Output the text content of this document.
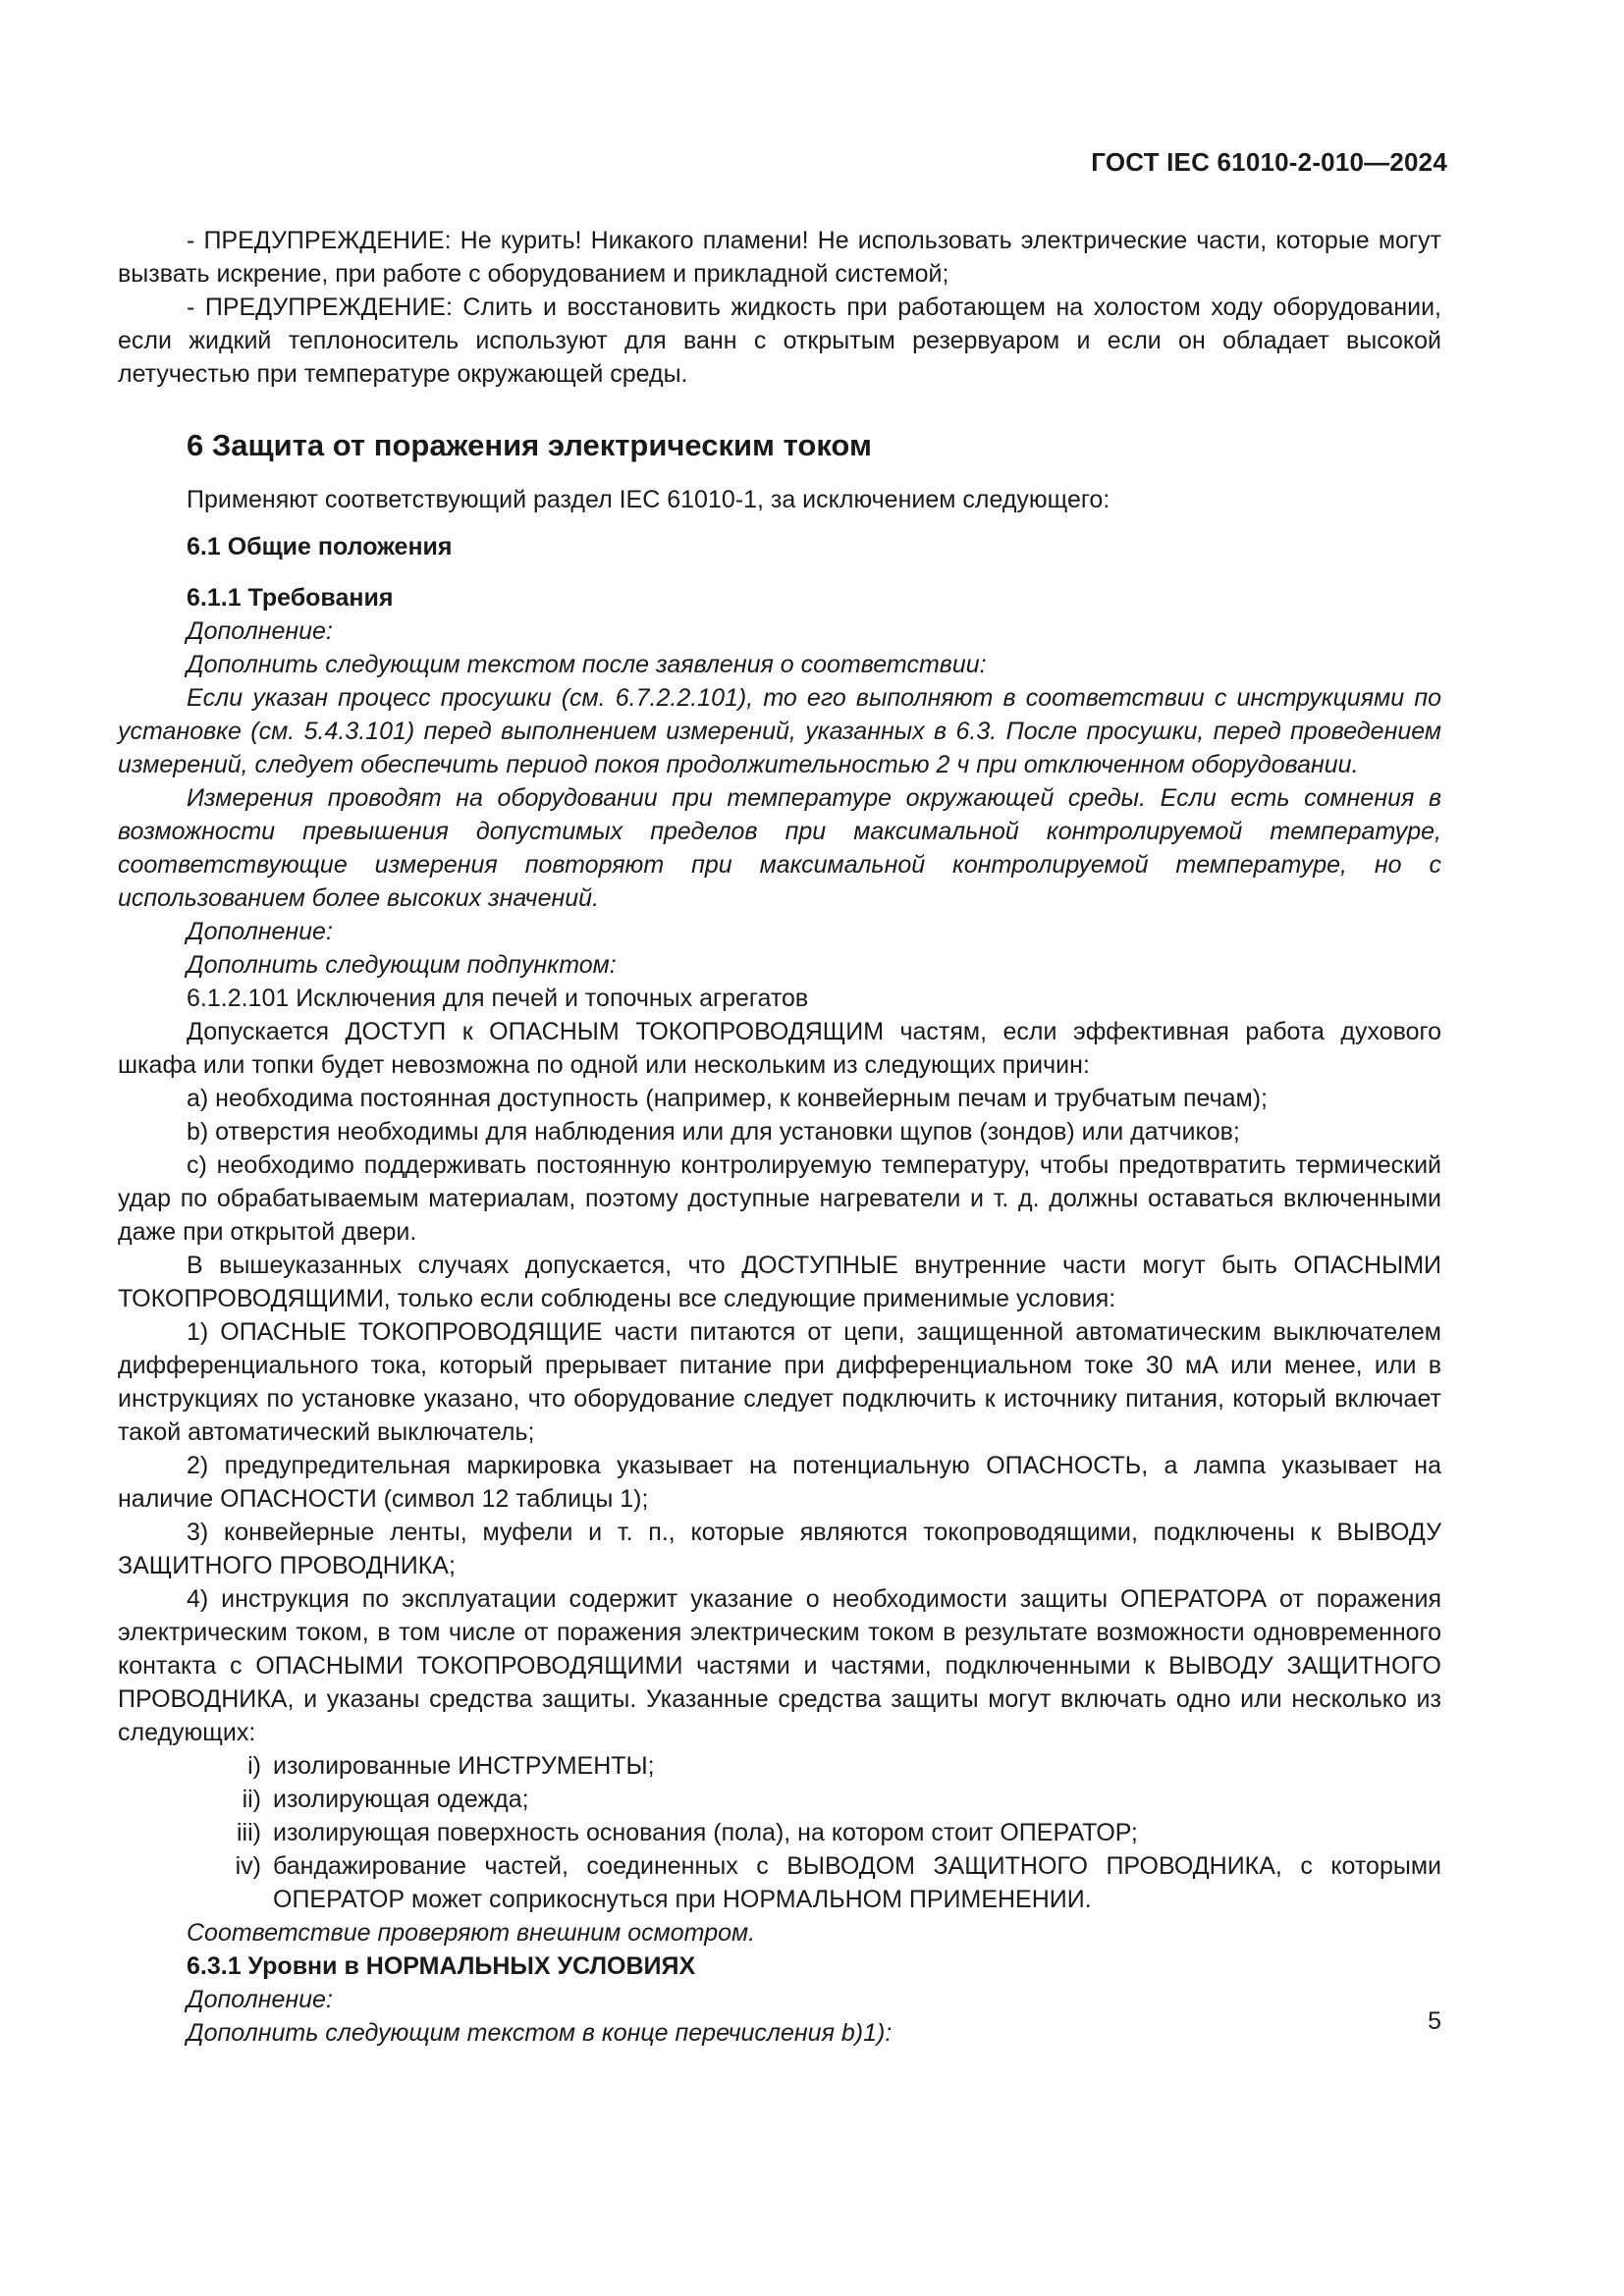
ГОСТ IEC 61010-2-010—2024

- ПРЕДУПРЕЖДЕНИЕ: Не курить! Никакого пламени! Не использовать электрические части, которые могут вызвать искрение, при работе с оборудованием и прикладной системой;

- ПРЕДУПРЕЖДЕНИЕ: Слить и восстановить жидкость при работающем на холостом ходу оборудовании, если жидкий теплоноситель используют для ванн с открытым резервуаром и если он обладает высокой летучестью при температуре окружающей среды.

6 Защита от поражения электрическим током

Применяют соответствующий раздел IEC 61010-1, за исключением следующего:

6.1 Общие положения

6.1.1 Требования

Дополнение:

Дополнить следующим текстом после заявления о соответствии:

Если указан процесс просушки (см. 6.7.2.2.101), то его выполняют в соответствии с инструкциями по установке (см. 5.4.3.101) перед выполнением измерений, указанных в 6.3. После просушки, перед проведением измерений, следует обеспечить период покоя продолжительностью 2 ч при отключенном оборудовании.

Измерения проводят на оборудовании при температуре окружающей среды. Если есть сомнения в возможности превышения допустимых пределов при максимальной контролируемой температуре, соответствующие измерения повторяют при максимальной контролируемой температуре, но с использованием более высоких значений.

Дополнение:

Дополнить следующим подпунктом:

6.1.2.101 Исключения для печей и топочных агрегатов

Допускается ДОСТУП к ОПАСНЫМ ТОКОПРОВОДЯЩИМ частям, если эффективная работа духового шкафа или топки будет невозможна по одной или нескольким из следующих причин:

a) необходима постоянная доступность (например, к конвейерным печам и трубчатым печам);

b) отверстия необходимы для наблюдения или для установки щупов (зондов) или датчиков;

c) необходимо поддерживать постоянную контролируемую температуру, чтобы предотвратить термический удар по обрабатываемым материалам, поэтому доступные нагреватели и т. д. должны оставаться включенными даже при открытой двери.

В вышеуказанных случаях допускается, что ДОСТУПНЫЕ внутренние части могут быть ОПАСНЫМИ ТОКОПРОВОДЯЩИМИ, только если соблюдены все следующие применимые условия:

1) ОПАСНЫЕ ТОКОПРОВОДЯЩИЕ части питаются от цепи, защищенной автоматическим выключателем дифференциального тока, который прерывает питание при дифференциальном токе 30 мА или менее, или в инструкциях по установке указано, что оборудование следует подключить к источнику питания, который включает такой автоматический выключатель;

2) предупредительная маркировка указывает на потенциальную ОПАСНОСТЬ, а лампа указывает на наличие ОПАСНОСТИ (символ 12 таблицы 1);

3) конвейерные ленты, муфели и т. п., которые являются токопроводящими, подключены к ВЫВОДУ ЗАЩИТНОГО ПРОВОДНИКА;

4) инструкция по эксплуатации содержит указание о необходимости защиты ОПЕРАТОРА от поражения электрическим током, в том числе от поражения электрическим током в результате возможности одновременного контакта с ОПАСНЫМИ ТОКОПРОВОДЯЩИМИ частями и частями, подключенными к ВЫВОДУ ЗАЩИТНОГО ПРОВОДНИКА, и указаны средства защиты. Указанные средства защиты могут включать одно или несколько из следующих:

i) изолированные ИНСТРУМЕНТЫ;
ii) изолирующая одежда;
iii) изолирующая поверхность основания (пола), на котором стоит ОПЕРАТОР;
iv) бандажирование частей, соединенных с ВЫВОДОМ ЗАЩИТНОГО ПРОВОДНИКА, с которыми ОПЕРАТОР может соприкоснуться при НОРМАЛЬНОМ ПРИМЕНЕНИИ.

Соответствие проверяют внешним осмотром.

6.3.1 Уровни в НОРМАЛЬНЫХ УСЛОВИЯХ

Дополнение:

Дополнить следующим текстом в конце перечисления b)1):	5
